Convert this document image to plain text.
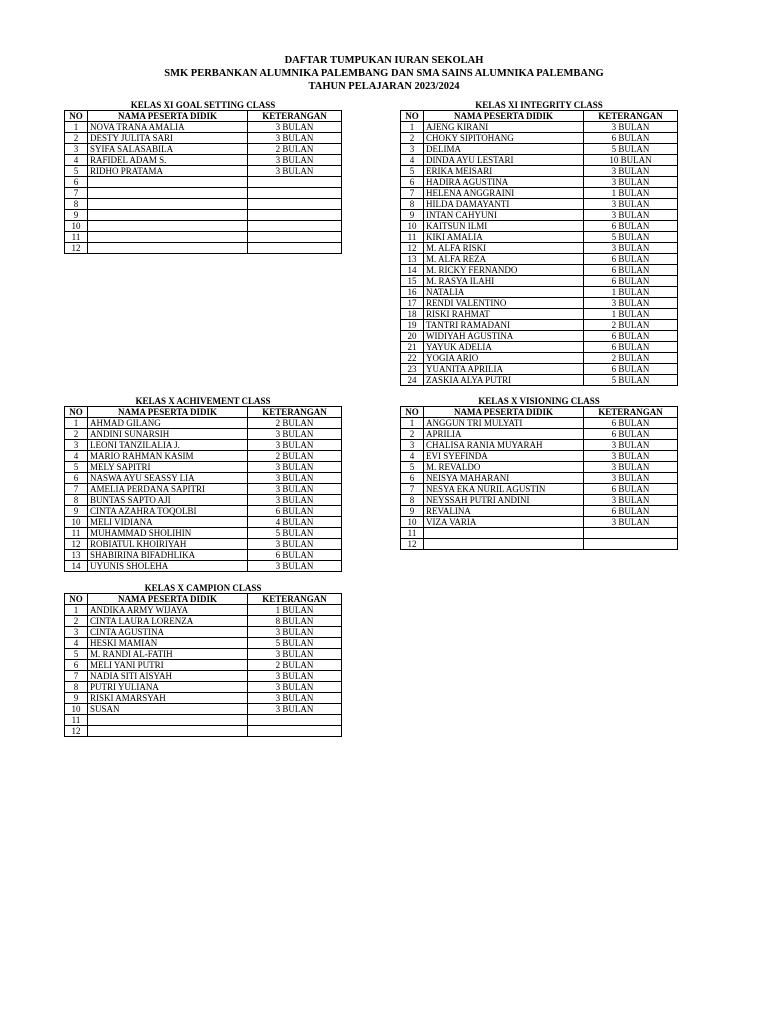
DAFTAR TUMPUKAN IURAN SEKOLAH
SMK PERBANKAN ALUMNIKA PALEMBANG DAN SMA SAINS ALUMNIKA PALEMBANG
TAHUN PELAJARAN 2023/2024
KELAS XI GOAL SETTING CLASS
NO	NAMA PESERTA DIDIK	KETERANGAN
1	NOVA TRANA AMALIA	3 BULAN
2	DESTY JULITA SARI	3 BULAN
3	SYIFA SALASABILA	2 BULAN
4	RAFIDEL ADAM S.	3 BULAN
5	RIDHO PRATAMA	3 BULAN
6		
7		
8		
9		
10		
11		
12		
KELAS XI INTEGRITY CLASS
NO	NAMA PESERTA DIDIK	KETERANGAN
1	AJENG KIRANI	3 BULAN
2	CHOKY SIPITOHANG	6 BULAN
3	DELIMA	5 BULAN
4	DINDA AYU LESTARI	10 BULAN
5	ERIKA MEISARI	3 BULAN
6	HADIRA AGUSTINA	3 BULAN
7	HELENA ANGGRAINI	1 BULAN
8	HILDA DAMAYANTI	3 BULAN
9	INTAN CAHYUNI	3 BULAN
10	KAITSUN ILMI	6 BULAN
11	KIKI AMALIA	5 BULAN
12	M. ALFA RISKI	3 BULAN
13	M. ALFA REZA	6 BULAN
14	M. RICKY FERNANDO	6 BULAN
15	M. RASYA ILAHI	6 BULAN
16	NATALIA	1 BULAN
17	RENDI VALENTINO	3 BULAN
18	RISKI RAHMAT	1 BULAN
19	TANTRI RAMADANI	2 BULAN
20	WIDIYAH AGUSTINA	6 BULAN
21	YAYUK ADELIA	6 BULAN
22	YOGIA ARIO	2 BULAN
23	YUANITA APRILIA	6 BULAN
24	ZASKIA ALYA PUTRI	5 BULAN
KELAS X ACHIVEMENT CLASS
NO	NAMA PESERTA DIDIK	KETERANGAN
1	AHMAD GILANG	2 BULAN
2	ANDINI SUNARSIH	3 BULAN
3	LEONI TANZILALIA J.	3 BULAN
4	MARIO RAHMAN KASIM	2 BULAN
5	MELY SAPITRI	3 BULAN
6	NASWA AYU SEASSY LIA	3 BULAN
7	AMELIA PERDANA SAPITRI	3 BULAN
8	BUNTAS SAPTO AJI	3 BULAN
9	CINTA AZAHRA TOQOLBI	6 BULAN
10	MELI VIDIANA	4 BULAN
11	MUHAMMAD SHOLIHIN	5 BULAN
12	ROBIATUL KHOIRIYAH	3 BULAN
13	SHABIRINA BIFADHLIKA	6 BULAN
14	UYUNIS SHOLEHA	3 BULAN
KELAS X VISIONING CLASS
NO	NAMA PESERTA DIDIK	KETERANGAN
1	ANGGUN TRI MULYATI	6 BULAN
2	APRILIA	6 BULAN
3	CHALISA RANIA MUYARAH	3 BULAN
4	EVI SYEFINDA	3 BULAN
5	M. REVALDO	3 BULAN
6	NEISYA MAHARANI	3 BULAN
7	NESYA EKA NURIL AGUSTIN	6 BULAN
8	NEYSSAH PUTRI ANDINI	3 BULAN
9	REVALINA	6 BULAN
10	VIZA VARIA	3 BULAN
11		
12		
KELAS X CAMPION CLASS
NO	NAMA PESERTA DIDIK	KETERANGAN
1	ANDIKA ARMY WIJAYA	1 BULAN
2	CINTA LAURA LORENZA	8 BULAN
3	CINTA AGUSTINA	3 BULAN
4	HESKI MAMIAN	5 BULAN
5	M. RANDI AL-FATIH	3 BULAN
6	MELI YANI PUTRI	2 BULAN
7	NADIA SITI AISYAH	3 BULAN
8	PUTRI YULIANA	3 BULAN
9	RISKI AMARSYAH	3 BULAN
10	SUSAN	3 BULAN
11		
12		
